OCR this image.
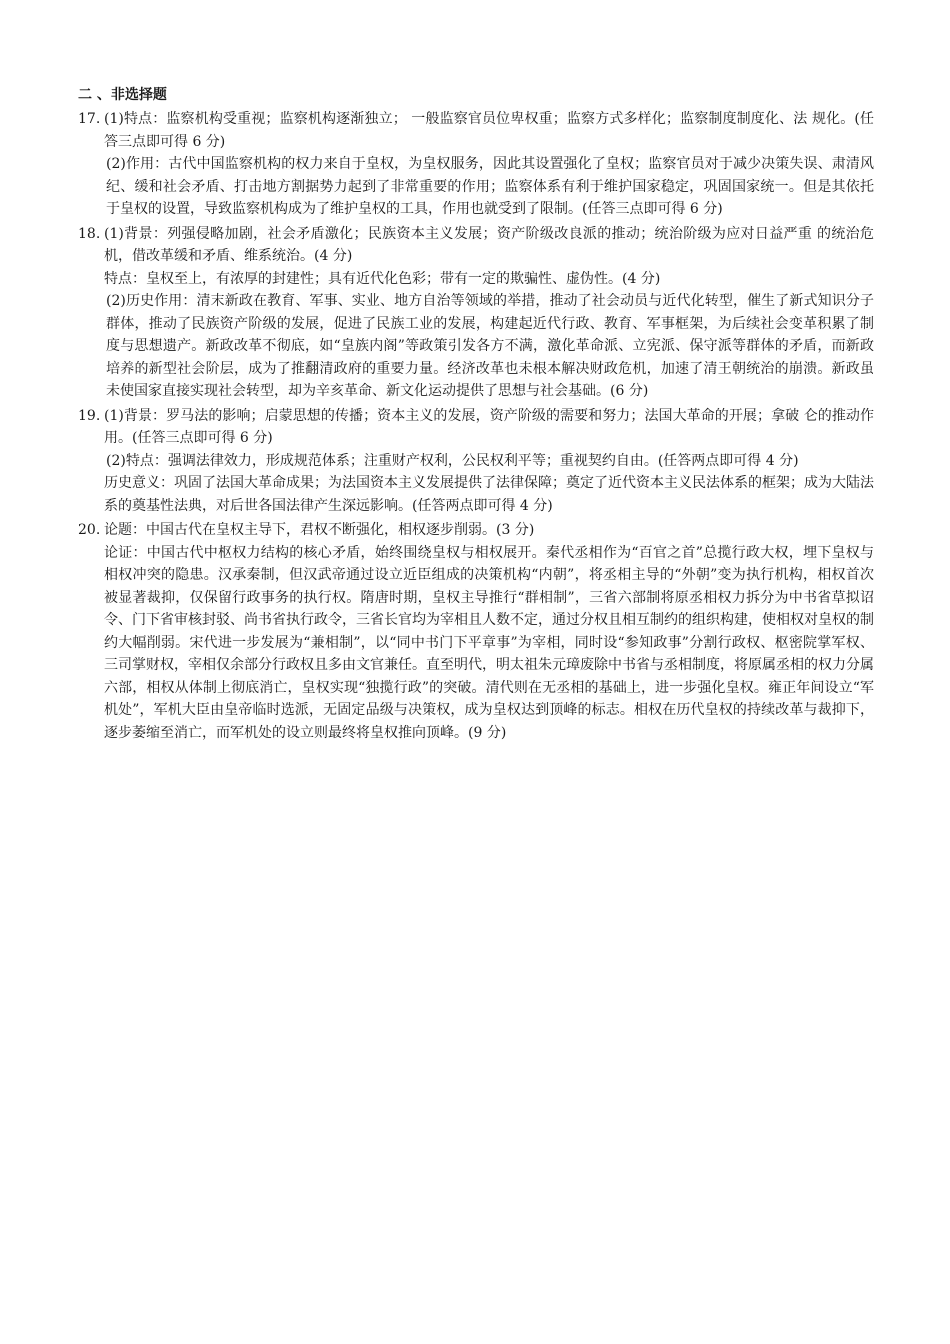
二 、非选择题
17. (1)特点：监察机构受重视；监察机构逐渐独立； 一般监察官员位卑权重；监察方式多样化；监察制度制度化、法 规化。(任答三点即可得 6 分)

(2)作用：古代中国监察机构的权力来自于皇权，为皇权服务，因此其设置强化了皇权；监察官员对于减少决策失误、肃清风纪、缓和社会矛盾、打击地方割据势力起到了非常重要的作用；监察体系有利于维护国家稳定，巩固国家统一。但是其依托于皇权的设置，导致监察机构成为了维护皇权的工具，作用也就受到了限制。(任答三点即可得 6 分)

18. (1)背景：列强侵略加剧，社会矛盾激化；民族资本主义发展；资产阶级改良派的推动；统治阶级为应对日益严重 的统治危机，借改革缓和矛盾、维系统治。(4 分)

特点：皇权至上，有浓厚的封建性；具有近代化色彩；带有一定的欺骗性、虚伪性。(4 分)

(2)历史作用：清末新政在教育、军事、实业、地方自治等领域的举措，推动了社会动员与近代化转型，催生了新式知识分子群体，推动了民族资产阶级的发展，促进了民族工业的发展，构建起近代行政、教育、军事框架，为后续社会变革积累了制度与思想遗产。新政改革不彻底，如“皇族内阁”等政策引发各方不满，激化革命派、立宪派、保守派等群体的矛盾，而新政培养的新型社会阶层，成为了推翻清政府的重要力量。经济改革也未根本解决财政危机，加速了清王朝统治的崩溃。新政虽未使国家直接实现社会转型，却为辛亥革命、新文化运动提供了思想与社会基础。(6 分)

19. (1)背景：罗马法的影响；启蒙思想的传播；资本主义的发展，资产阶级的需要和努力；法国大革命的开展；拿破 仑的推动作用。(任答三点即可得 6 分)

(2)特点：强调法律效力，形成规范体系；注重财产权利，公民权利平等；重视契约自由。(任答两点即可得 4 分)

历史意义：巩固了法国大革命成果；为法国资本主义发展提供了法律保障；奠定了近代资本主义民法体系的框架；成为大陆法系的奠基性法典，对后世各国法律产生深远影响。(任答两点即可得 4 分)

20. 论题：中国古代在皇权主导下，君权不断强化，相权逐步削弱。(3 分)

论证：中国古代中枢权力结构的核心矛盾，始终围绕皇权与相权展开。秦代丞相作为“百官之首”总揽行政大权，埋下皇权与相权冲突的隐患。汉承秦制，但汉武帝通过设立近臣组成的决策机构“内朝”，将丞相主导的“外朝”变为执行机构，相权首次被显著裁抑，仅保留行政事务的执行权。隋唐时期，皇权主导推行“群相制”，三省六部制将原丞相权力拆分为中书省草拟诏令、门下省审核封驳、尚书省执行政令，三省长官均为宰相且人数不定，通过分权且相互制约的组织构建，使相权对皇权的制约大幅削弱。宋代进一步发展为“兼相制”，以“同中书门下平章事”为宰相，同时设“参知政事”分割行政权、枢密院掌军权、三司掌财权，宰相仅余部分行政权且多由文官兼任。直至明代，明太祖朱元璋废除中书省与丞相制度，将原属丞相的权力分属六部，相权从体制上彻底消亡，皇权实现“独揽行政”的突破。清代则在无丞相的基础上，进一步强化皇权。雍正年间设立“军机处”，军机大臣由皇帝临时选派，无固定品级与决策权，成为皇权达到顶峰的标志。相权在历代皇权的持续改革与裁抑下，逐步萎缩至消亡，而军机处的设立则最终将皇权推向顶峰。(9 分)
